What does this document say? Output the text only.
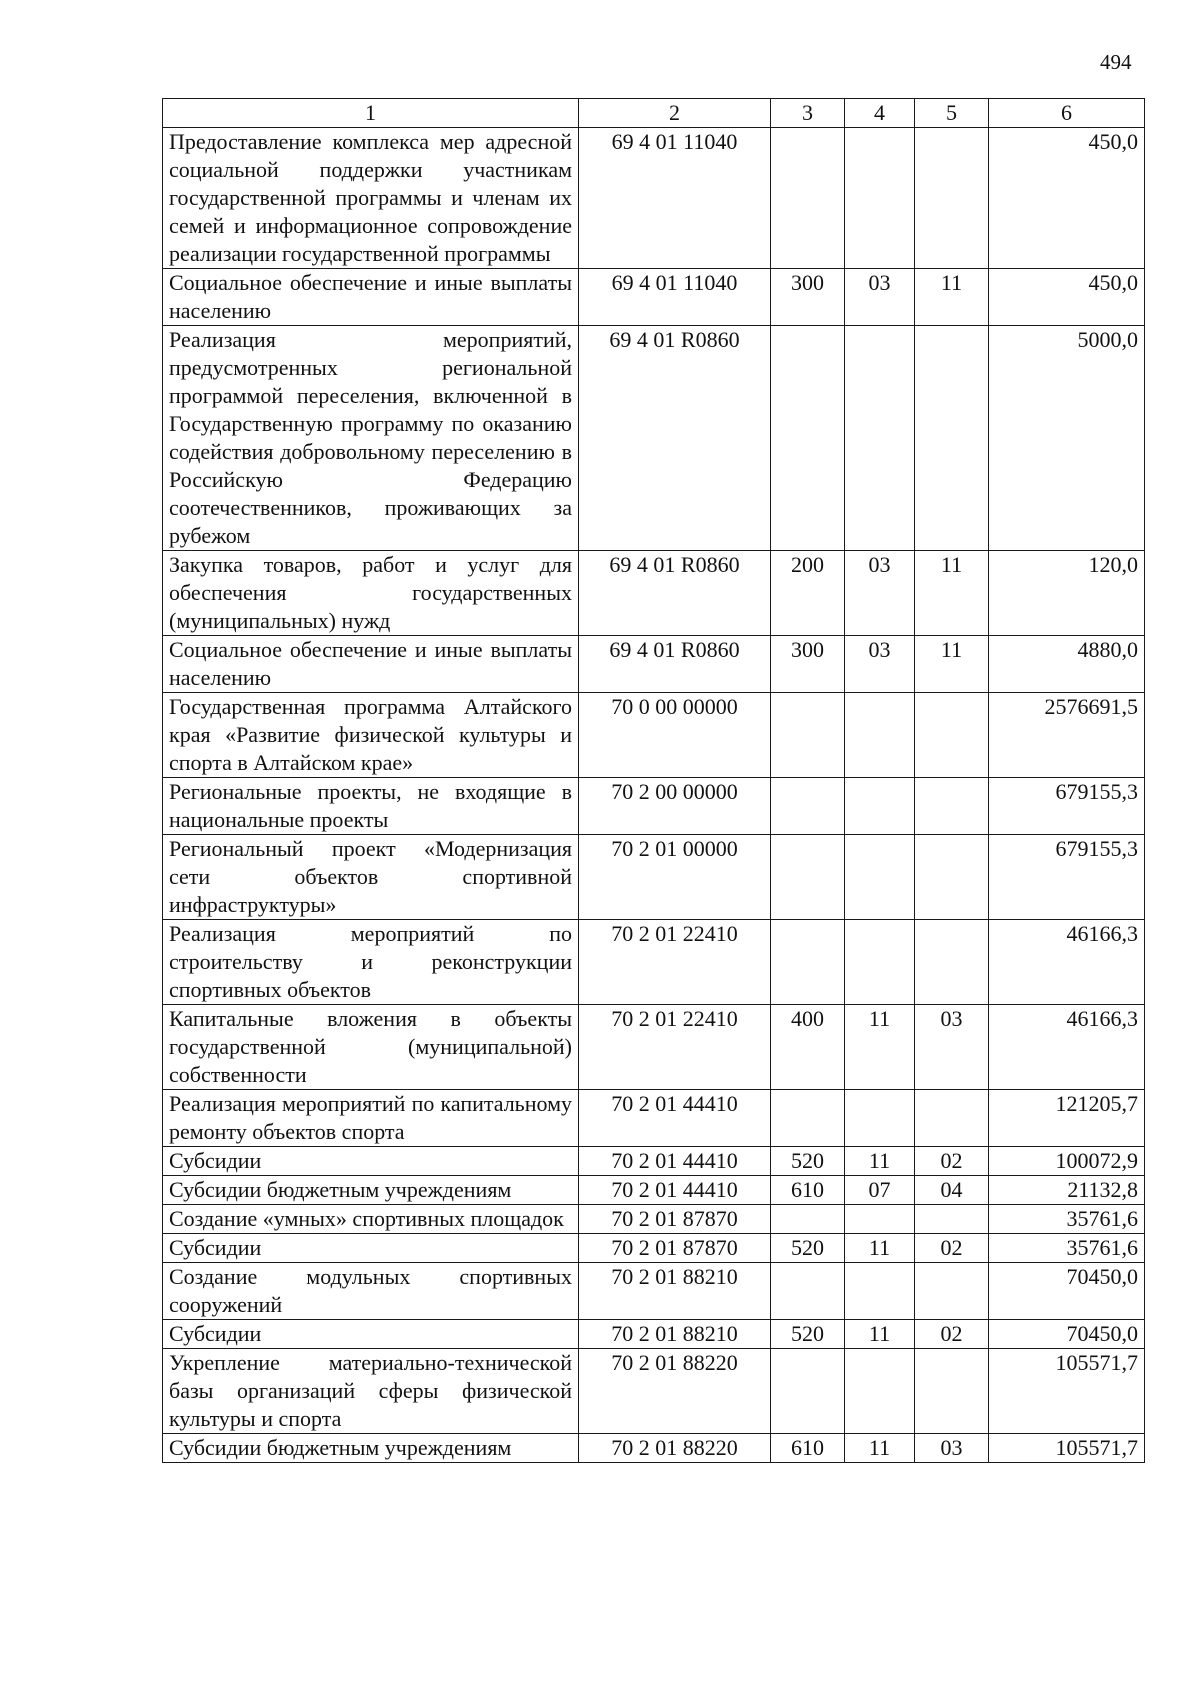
494
1	2	3	4	5	6
Предоставление комплекса мер адресной социальной поддержки участникам государственной программы и членам их семей и информационное сопровождение реализации государственной программы	69 4 01 11040				450,0
Социальное обеспечение и иные выплаты населению	69 4 01 11040	300	03	11	450,0
Реализация мероприятий, предусмотренных региональной программой переселения, включенной в Государственную программу по оказанию содействия добровольному переселению в Российскую Федерацию соотечественников, проживающих за рубежом	69 4 01 R0860				5000,0
Закупка товаров, работ и услуг для обеспечения государственных (муниципальных) нужд	69 4 01 R0860	200	03	11	120,0
Социальное обеспечение и иные выплаты населению	69 4 01 R0860	300	03	11	4880,0
Государственная программа Алтайского края «Развитие физической культуры и спорта в Алтайском крае»	70 0 00 00000				2576691,5
Региональные проекты, не входящие в национальные проекты	70 2 00 00000				679155,3
Региональный проект «Модернизация сети объектов спортивной инфраструктуры»	70 2 01 00000				679155,3
Реализация мероприятий по строительству и реконструкции спортивных объектов	70 2 01 22410				46166,3
Капитальные вложения в объекты государственной (муниципальной) собственности	70 2 01 22410	400	11	03	46166,3
Реализация мероприятий по капитальному ремонту объектов спорта	70 2 01 44410				121205,7
Субсидии	70 2 01 44410	520	11	02	100072,9
Субсидии бюджетным учреждениям	70 2 01 44410	610	07	04	21132,8
Создание «умных» спортивных площадок	70 2 01 87870				35761,6
Субсидии	70 2 01 87870	520	11	02	35761,6
Создание модульных спортивных сооружений	70 2 01 88210				70450,0
Субсидии	70 2 01 88210	520	11	02	70450,0
Укрепление материально-технической базы организаций сферы физической культуры и спорта	70 2 01 88220				105571,7
Субсидии бюджетным учреждениям	70 2 01 88220	610	11	03	105571,7
